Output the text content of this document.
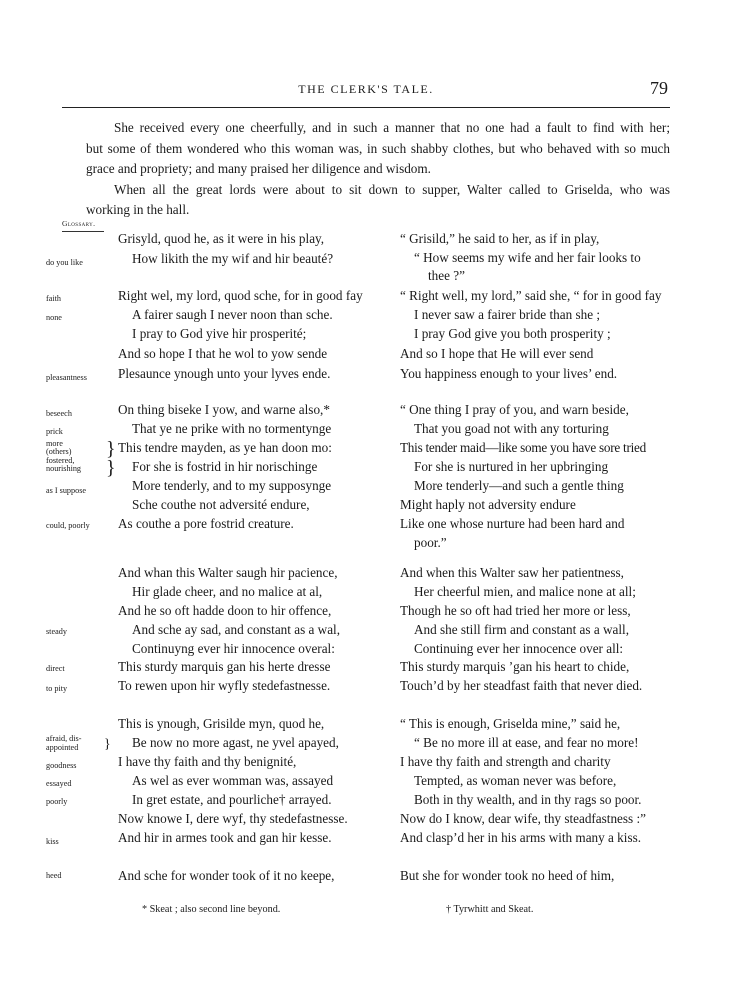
THE CLERK'S TALE.	79
She received every one cheerfully, and in such a manner that no one had a fault to find with her;
but some of them wondered who this woman was, in such shabby clothes, but who behaved with so much
grace and propriety; and many praised her diligence and wisdom.
When all the great lords were about to sit down to supper, Walter called to Griselda, who was
working in the hall.
Glossary.
do you like
faith
none
pleasantness
beseech
prick
more
(others)
fostered,
nourishing
as I suppose
could, poorly
steady
direct
to pity
afraid, dis-
appointed
goodness
essayed
poorly
kiss
heed
}
}
}
Grisyld, quod he, as it were in his play,
How likith the my wif and hir beauté?
Right wel, my lord, quod sche, for in good fay
A fairer saugh I never noon than sche.
I pray to God yive hir prosperité;
And so hope I that he wol to yow sende
Plesaunce ynough unto your lyves ende.
On thing biseke I yow, and warne also,*
That ye ne prike with no tormentynge
This tendre mayden, as ye han doon mo:
For she is fostrid in hir norischinge
More tenderly, and to my supposynge
Sche couthe not adversité endure,
As couthe a pore fostrid creature.
And whan this Walter saugh hir pacience,
Hir glade cheer, and no malice at al,
And he so oft hadde doon to hir offence,
And sche ay sad, and constant as a wal,
Continuyng ever hir innocence overal:
This sturdy marquis gan his herte dresse
To rewen upon hir wyfly stedefastnesse.
This is ynough, Grisilde myn, quod he,
Be now no more agast, ne yvel apayed,
I have thy faith and thy benignité,
As wel as ever womman was, assayed
In gret estate, and pourliche† arrayed.
Now knowe I, dere wyf, thy stedefastnesse.
And hir in armes took and gan hir kesse.
And sche for wonder took of it no keepe,
“ Grisild,” he said to her, as if in play,
“ How seems my wife and her fair looks to
thee ?”
“ Right well, my lord,” said she, “ for in good fay
I never saw a fairer bride than she ;
I pray God give you both prosperity ;
And so I hope that He will ever send
You happiness enough to your lives’ end.
“ One thing I pray of you, and warn beside,
That you goad not with any torturing
This tender maid—like some you have sore tried
For she is nurtured in her upbringing
More tenderly—and such a gentle thing
Might haply not adversity endure
Like one whose nurture had been hard and
poor.”
And when this Walter saw her patientness,
Her cheerful mien, and malice none at all;
Though he so oft had tried her more or less,
And she still firm and constant as a wall,
Continuing ever her innocence over all:
This sturdy marquis ’gan his heart to chide,
Touch’d by her steadfast faith that never died.
“ This is enough, Griselda mine,” said he,
“ Be no more ill at ease, and fear no more!
I have thy faith and strength and charity
Tempted, as woman never was before,
Both in thy wealth, and in thy rags so poor.
Now do I know, dear wife, thy steadfastness :”
And clasp’d her in his arms with many a kiss.
But she for wonder took no heed of him,
* Skeat ; also second line beyond.	† Tyrwhitt and Skeat.
